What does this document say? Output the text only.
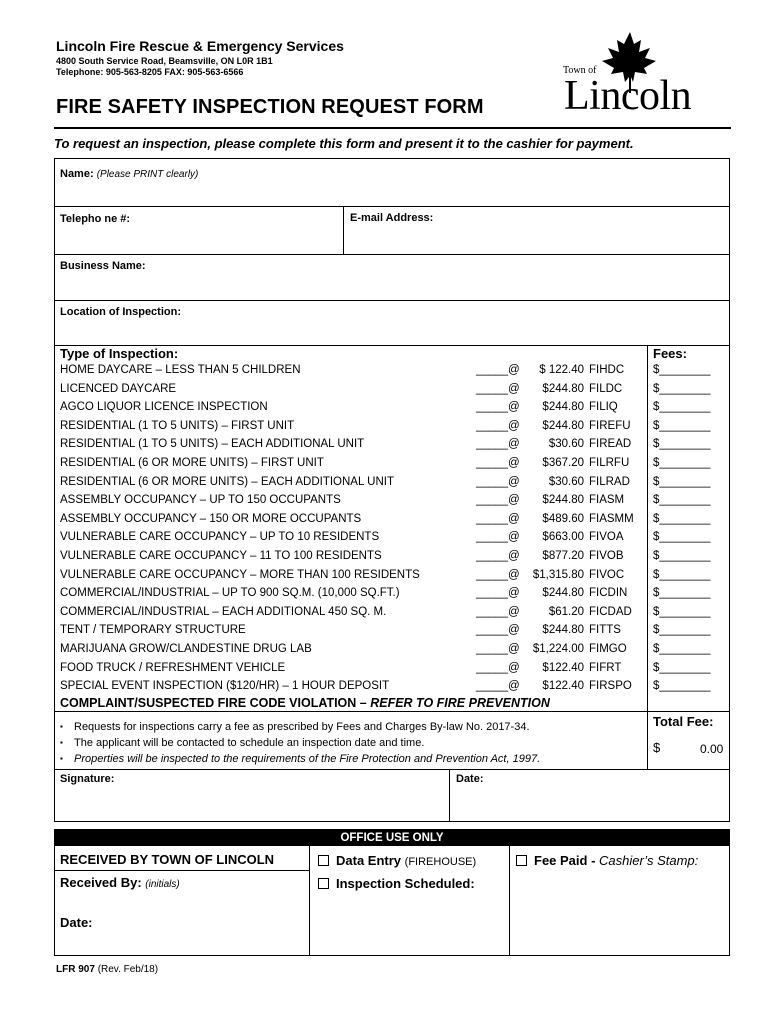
Lincoln Fire Rescue & Emergency Services
4800 South Service Road, Beamsville, ON L0R 1B1
Telephone: 905-563-8205 FAX: 905-563-6566
FIRE SAFETY INSPECTION REQUEST FORM
Town of
Lincoln
To request an inspection, please complete this form and present it to the cashier for payment.
Name: (Please PRINT clearly)
Telepho ne #:	E-mail Address:
Business Name:
Location of Inspection:
Type of Inspection:	Fees:
HOME DAYCARE – LESS THAN 5 CHILDREN	_____@	$ 122.40 FIHDC	$________
LICENCED DAYCARE	_____@	$244.80 FILDC	$________
AGCO LIQUOR LICENCE INSPECTION	_____@	$244.80 FILIQ	$________
RESIDENTIAL (1 TO 5 UNITS) – FIRST UNIT	_____@	$244.80 FIREFU $________
RESIDENTIAL (1 TO 5 UNITS) – EACH ADDITIONAL UNIT	_____@	$30.60 FIREAD $________
RESIDENTIAL (6 OR MORE UNITS) – FIRST UNIT	_____@	$367.20 FILRFU $________
RESIDENTIAL (6 OR MORE UNITS) – EACH ADDITIONAL UNIT	_____@	$30.60 FILRAD $________
ASSEMBLY OCCUPANCY – UP TO 150 OCCUPANTS	_____@	$244.80 FIASM	$________
ASSEMBLY OCCUPANCY – 150 OR MORE OCCUPANTS	_____@	$489.60 FIASMM $________
VULNERABLE CARE OCCUPANCY – UP TO 10 RESIDENTS	_____@	$663.00 FIVOA	$________
VULNERABLE CARE OCCUPANCY – 11 TO 100 RESIDENTS	_____@	$877.20 FIVOB	$________
VULNERABLE CARE OCCUPANCY – MORE THAN 100 RESIDENTS	_____@	$1,315.80 FIVOC	$________
COMMERCIAL/INDUSTRIAL – UP TO 900 SQ.M. (10,000 SQ.FT.)	_____@	$244.80 FICDIN $________
COMMERCIAL/INDUSTRIAL – EACH ADDITIONAL 450 SQ. M.	_____@	$61.20 FICDAD $________
TENT / TEMPORARY STRUCTURE	_____@	$244.80 FITTS	$________
MARIJUANA GROW/CLANDESTINE DRUG LAB	_____@	$1,224.00 FIMGO $________
FOOD TRUCK / REFRESHMENT VEHICLE	_____@	$122.40 FIFRT	$________
SPECIAL EVENT INSPECTION ($120/HR) – 1 HOUR DEPOSIT	_____@	$122.40 FIRSPO $________
COMPLAINT/SUSPECTED FIRE CODE VIOLATION – REFER TO FIRE PREVENTION
▪ Requests for inspections carry a fee as prescribed by Fees and Charges By-law No. 2017-34.
▪ The applicant will be contacted to schedule an inspection date and time.
▪ Properties will be inspected to the requirements of the Fire Protection and Prevention Act, 1997.
Total Fee:
$	0.00
Signature:	Date:
OFFICE USE ONLY
RECEIVED BY TOWN OF LINCOLN
Received By: (initials)
Date:
Data Entry (FIREHOUSE)
Inspection Scheduled:
Fee Paid - Cashier’s Stamp:
LFR 907 (Rev. Feb/18)
